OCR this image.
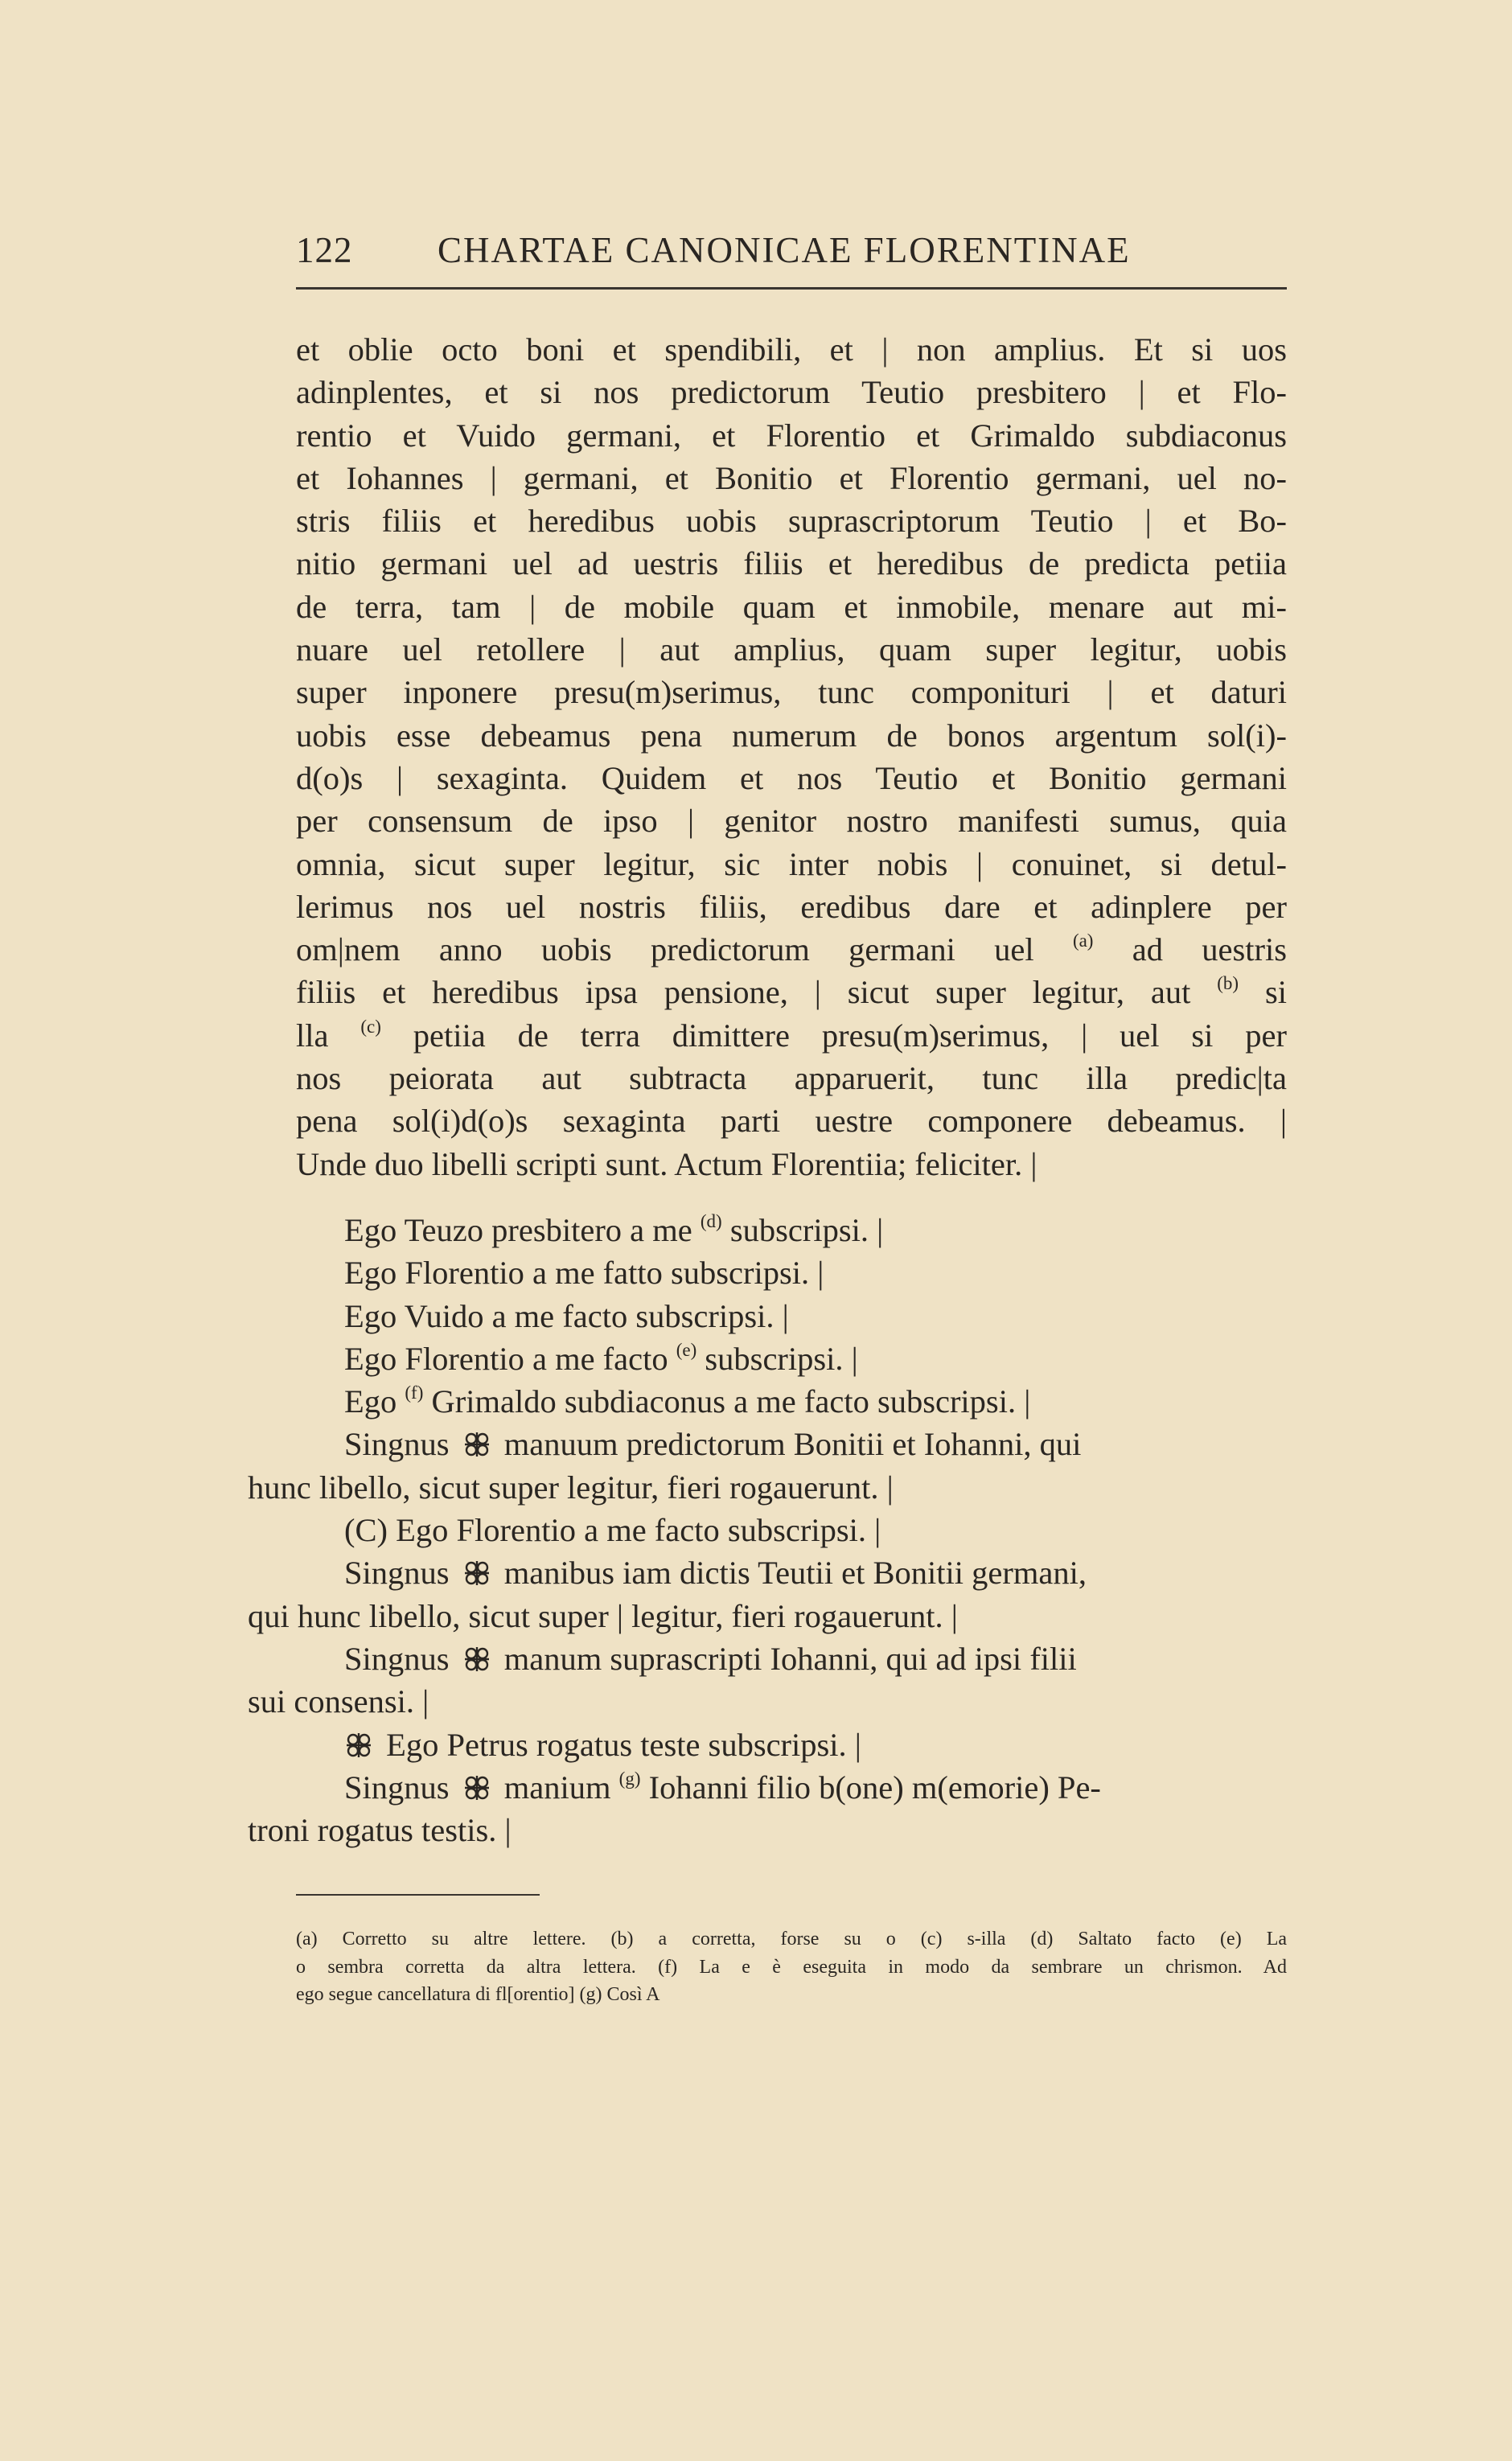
122 CHARTAE CANONICAE FLORENTINAE

et oblie octo boni et spendibili, et | non amplius. Et si uos

adinplentes, et si nos predictorum Teutio presbitero | et Flo-

rentio et Vuido germani, et Florentio et Grimaldo subdiaconus

et Iohannes | germani, et Bonitio et Florentio germani, uel no-

stris filiis et heredibus uobis suprascriptorum Teutio | et Bo-

nitio germani uel ad uestris filiis et heredibus de predicta petiia

de terra, tam | de mobile quam et inmobile, menare aut mi-

nuare uel retollere | aut amplius, quam super legitur, uobis

super inponere presu(m)serimus, tunc componituri | et daturi

uobis esse debeamus pena numerum de bonos argentum sol(i)-

d(o)s | sexaginta. Quidem et nos Teutio et Bonitio germani

per consensum de ipso | genitor nostro manifesti sumus, quia

omnia, sicut super legitur, sic inter nobis | conuinet, si detul-

lerimus nos uel nostris filiis, eredibus dare et adinplere per

om|nem anno uobis predictorum germani uel $^{(a)}$ ad uestris

filiis et heredibus ipsa pensione, | sicut super legitur, aut $^{(b)}$ si

lla $^{(c)}$ petiia de terra dimittere presu(m)serimus, | uel si per

nos peiorata aut subtracta apparuerit, tunc illa predic|ta

pena sol(i)d(o)s sexaginta parti uestre componere debeamus. |

Unde duo libelli scripti sunt. Actum Florentiia; feliciter. |

Ego Teuzo presbitero a me $^{(d)}$ subscripsi. |

Ego Florentio a me fatto subscripsi. |

Ego Vuido a me facto subscripsi. |

Ego Florentio a me facto $^{(e)}$ subscripsi. |

Ego $^{(f)}$ Grimaldo subdiaconus a me facto subscripsi. |

Singnus manuum predictorum Bonitii et Iohanni, qui
hunc libello, sicut super legitur, fieri rogauerunt. |

(C) Ego Florentio a me facto subscripsi. |

Singnus manibus iam dictis Teutii et Bonitii germani,
qui hunc libello, sicut super | legitur, fieri rogauerunt. |

Singnus manum suprascripti Iohanni, qui ad ipsi filii
sui consensi. |

Ego Petrus rogatus teste subscripsi. |

Singnus manium $^{(g)}$ Iohanni filio b(one) m(emorie) Pe-
troni rogatus testis. |

(a) Corretto su altre lettere. (b) a corretta, forse su o (c) s-illa (d) Saltato facto (e) La
o sembra corretta da altra lettera. (f) La e è eseguita in modo da sembrare un chrismon. Ad
ego segue cancellatura di fl[orentio] (g) Così A
